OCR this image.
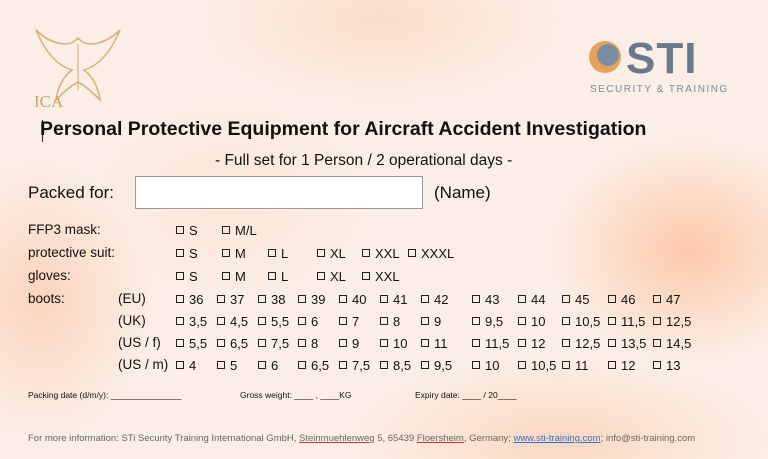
ICA
STI
SECURITY & TRAINING
Personal Protective Equipment for Aircraft Accident Investigation
- Full set for 1 Person / 2 operational days -
Packed for:	(Name)
FFP3 mask:	S	M/L
protective suit:	S	M	L	XL	XXL	XXXL
gloves:	S	M	L	XL	XXL
boots:	(EU)	36	37	38	39	40	41	42	43	44	45	46	47
(UK)	3,5	4,5	5,5	6	7	8	9	9,5	10	10,5	11,5	12,5
(US / f)	5,5	6,5	7,5	8	9	10	11	11,5	12	12,5	13,5	14,5
(US / m)	4	5	6	6,5	7,5	8,5	9,5	10	10,5	11	12	13
Packing date (d/m/y): _______________	Gross weight: ____ , ____KG	Expiry date: ____ / 20____
For more information: STi Security Training International GmbH, Steinmuehlenweg 5, 65439 Floersheim, Germany; www.sti-training.com; info@sti-training.com
